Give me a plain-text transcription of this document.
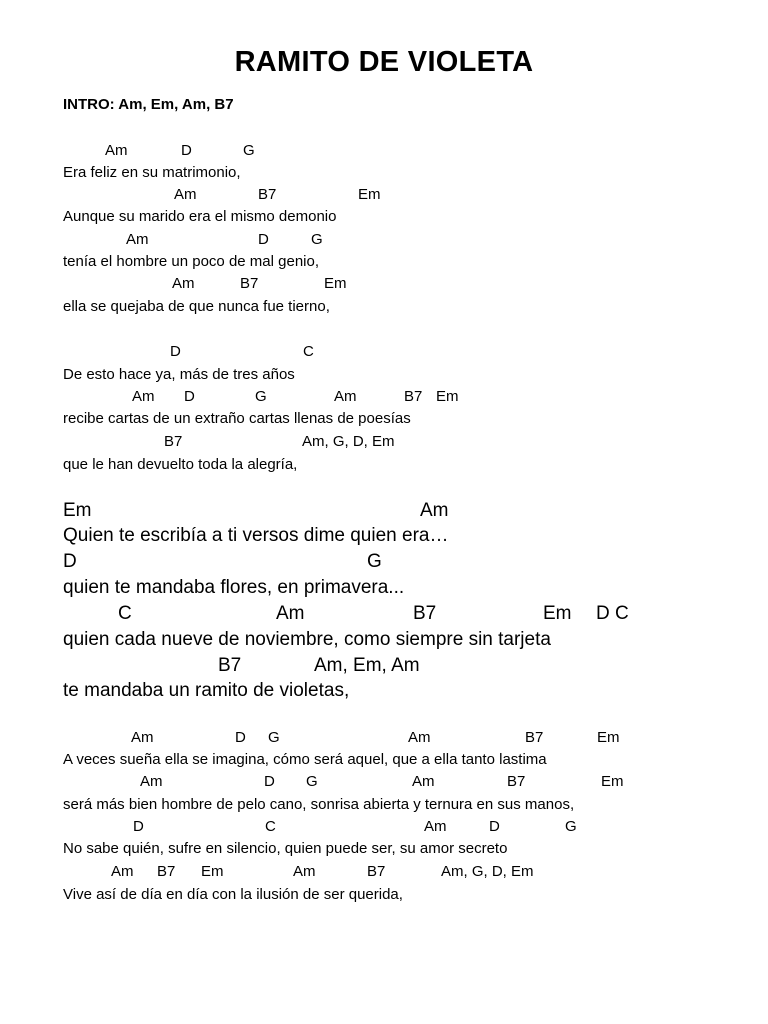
RAMITO DE VIOLETA
INTRO: Am, Em, Am, B7
Am	D	G
Era feliz en su matrimonio,
Am	B7	Em
Aunque su marido era el mismo demonio
Am	D	G
tenía el hombre un poco de mal genio,
Am	B7	Em
ella se quejaba de que nunca fue tierno,
D	C
De esto hace ya, más de tres años
Am D	G	Am	B7 Em
recibe cartas de un extraño cartas llenas de poesías
B7	Am, G, D, Em
que le han devuelto toda la alegría,
Em	Am
Quien te escribía a ti versos dime quien era…
D	G
quien te mandaba flores, en primavera...
C	Am	B7	Em D C
quien cada nueve de noviembre, como siempre sin tarjeta
B7	Am, Em, Am
te mandaba un ramito de violetas,
Am	D G	Am	B7	Em
A veces sueña ella se imagina, cómo será aquel, que a ella tanto lastima
Am	D G	Am	B7	Em
será más bien hombre de pelo cano, sonrisa abierta y ternura en sus manos,
D	C	Am	D	G
No sabe quién, sufre en silencio, quien puede ser, su amor secreto
Am B7 Em	Am	B7	Am, G, D, Em
Vive así de día en día con la ilusión de ser querida,
